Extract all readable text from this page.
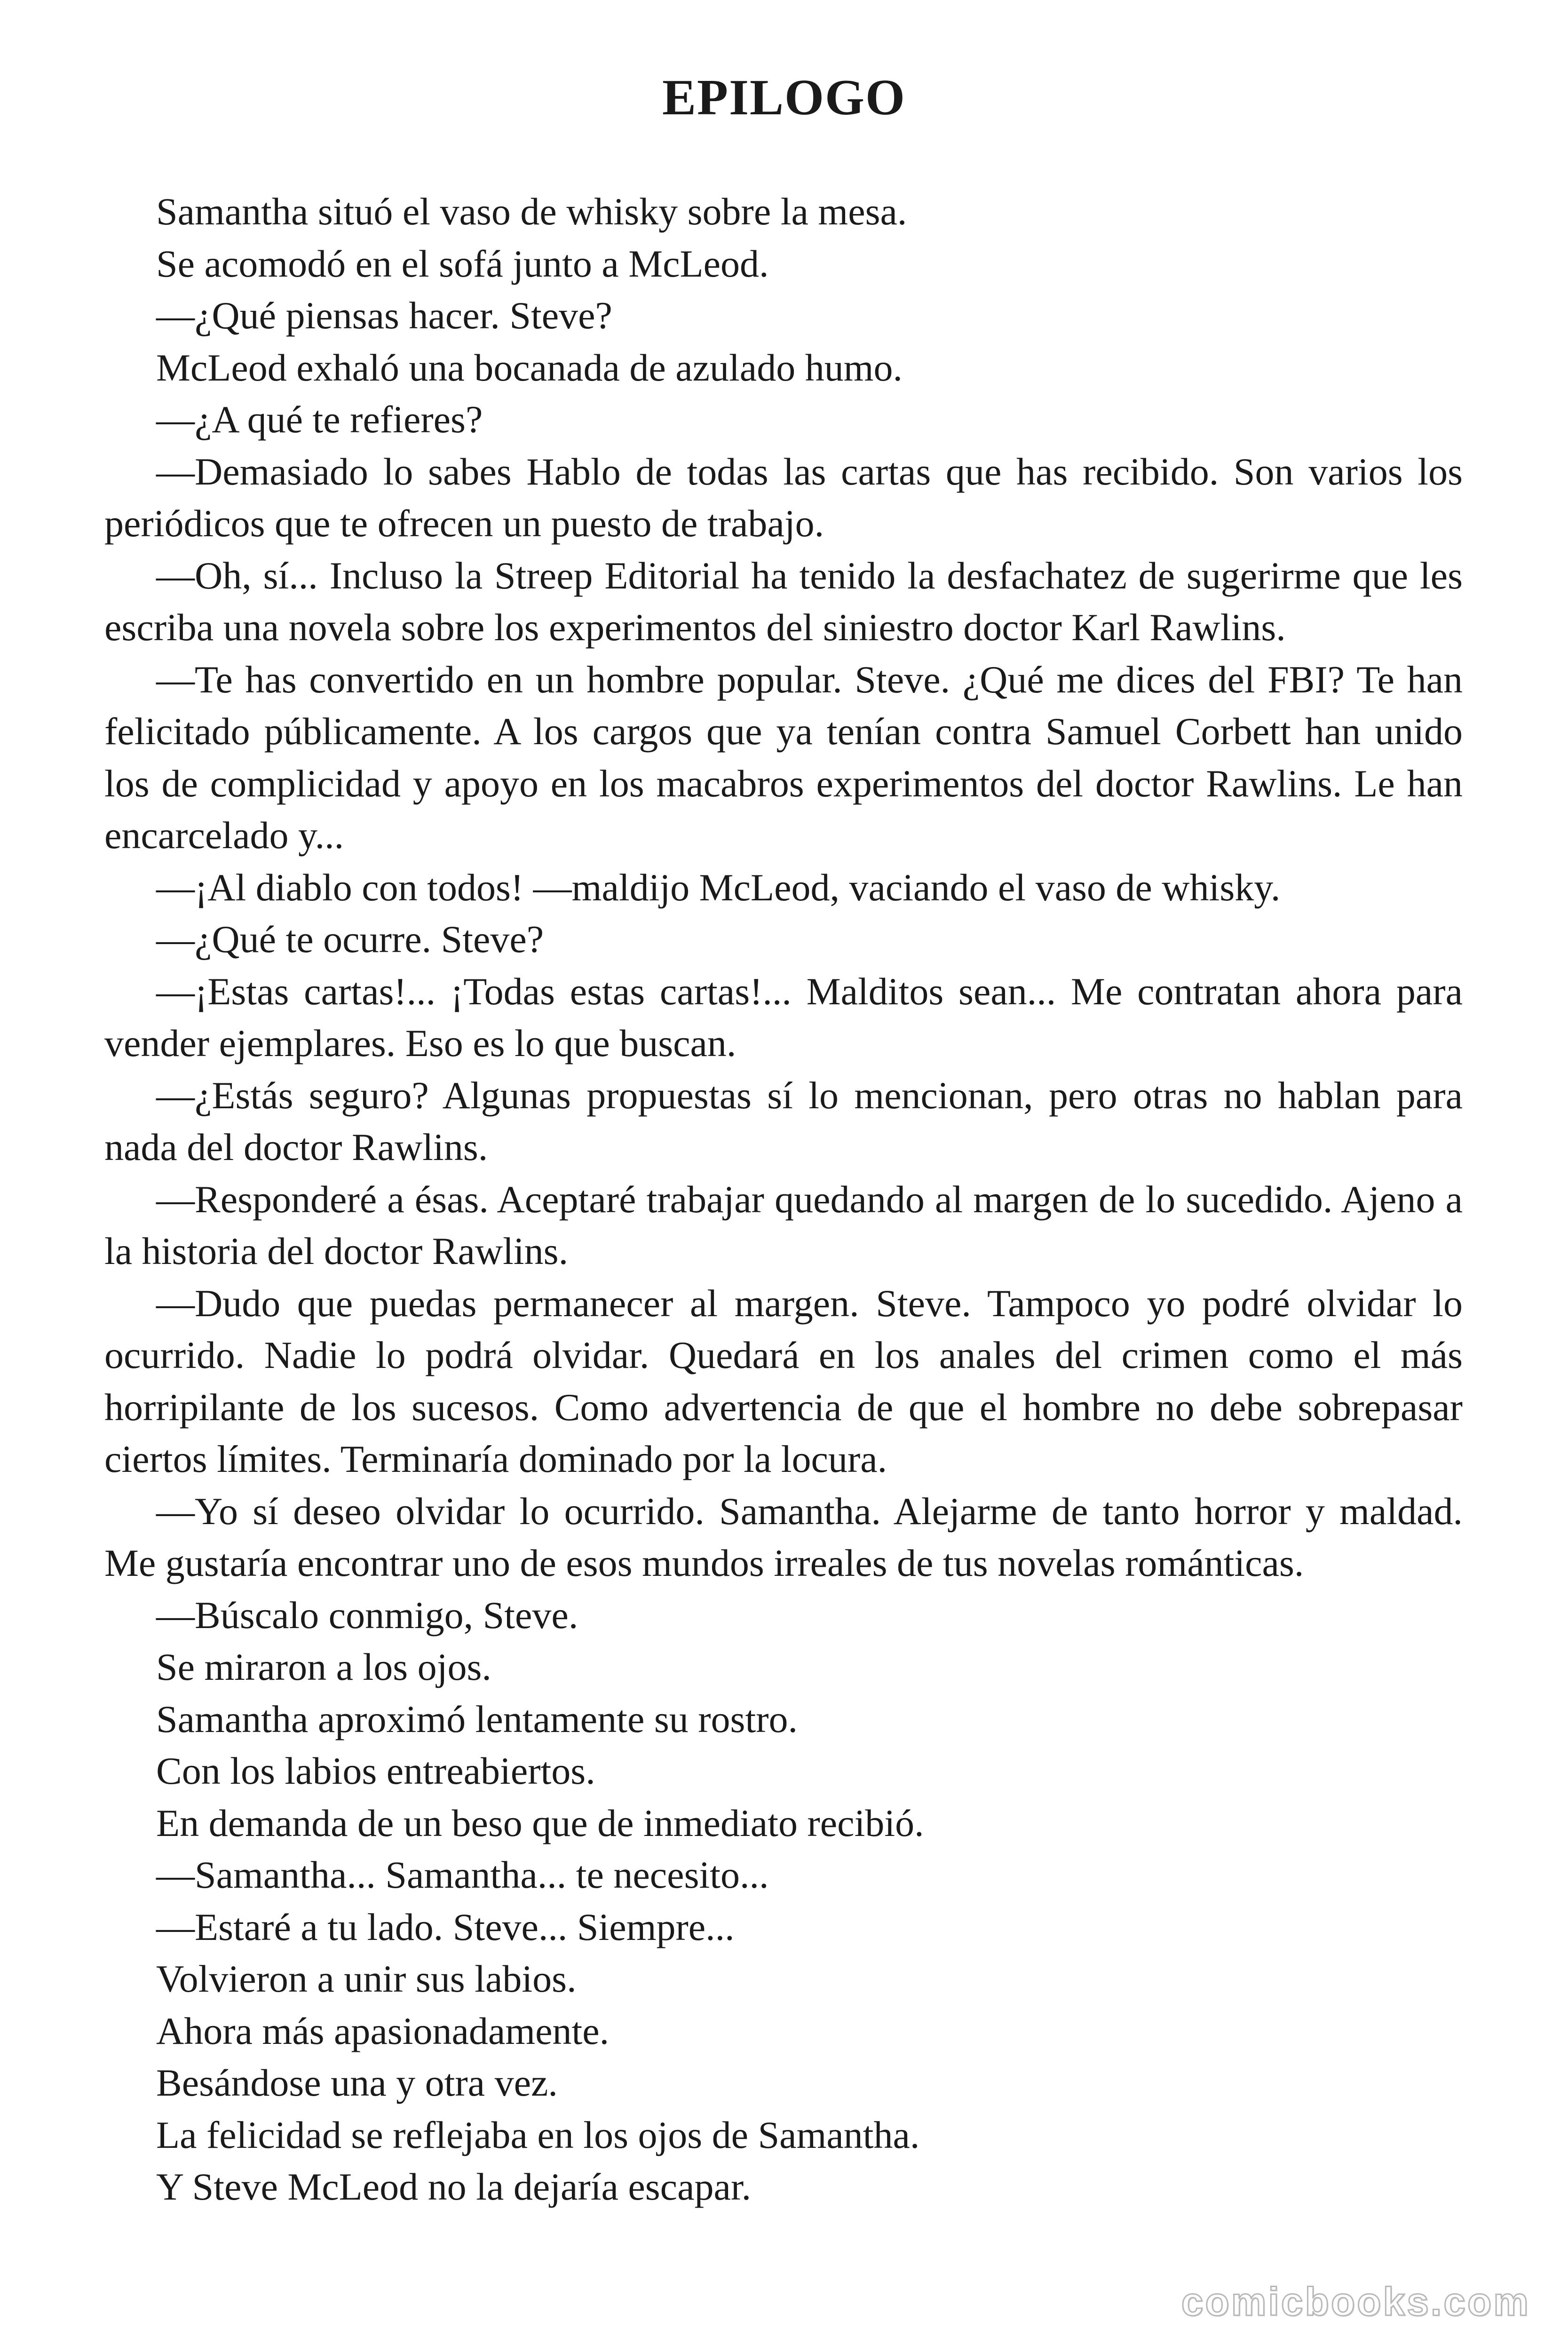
EPILOGO

Samantha situó el vaso de whisky sobre la mesa.

Se acomodó en el sofá junto a McLeod.

—¿Qué piensas hacer. Steve?

McLeod exhaló una bocanada de azulado humo.

—¿A qué te refieres?

—Demasiado lo sabes Hablo de todas las cartas que has recibido. Son varios los periódicos que te ofrecen un puesto de trabajo.

—Oh, sí... Incluso la Streep Editorial ha tenido la desfachatez de sugerirme que les escriba una novela sobre los experimentos del siniestro doctor Karl Rawlins.

—Te has convertido en un hombre popular. Steve. ¿Qué me dices del FBI? Te han felicitado públicamente. A los cargos que ya tenían contra Samuel Corbett han unido los de complicidad y apoyo en los macabros experimentos del doctor Rawlins. Le han encarcelado y...

—¡Al diablo con todos! —maldijo McLeod, vaciando el vaso de whisky.

—¿Qué te ocurre. Steve?

—¡Estas cartas!... ¡Todas estas cartas!... Malditos sean... Me contratan ahora para vender ejemplares. Eso es lo que buscan.

—¿Estás seguro? Algunas propuestas sí lo mencionan, pero otras no hablan para nada del doctor Rawlins.

—Responderé a ésas. Aceptaré trabajar quedando al margen de lo sucedido. Ajeno a la historia del doctor Rawlins.

—Dudo que puedas permanecer al margen. Steve. Tampoco yo podré olvidar lo ocurrido. Nadie lo podrá olvidar. Quedará en los anales del crimen como el más horripilante de los sucesos. Como advertencia de que el hombre no debe sobrepasar ciertos límites. Terminaría dominado por la locura.

—Yo sí deseo olvidar lo ocurrido. Samantha. Alejarme de tanto horror y maldad. Me gustaría encontrar uno de esos mundos irreales de tus novelas románticas.

—Búscalo conmigo, Steve.

Se miraron a los ojos.

Samantha aproximó lentamente su rostro.

Con los labios entreabiertos.

En demanda de un beso que de inmediato recibió.

—Samantha... Samantha... te necesito...

—Estaré a tu lado. Steve... Siempre...

Volvieron a unir sus labios.

Ahora más apasionadamente.

Besándose una y otra vez.

La felicidad se reflejaba en los ojos de Samantha.

Y Steve McLeod no la dejaría escapar.

comicbooks.com
